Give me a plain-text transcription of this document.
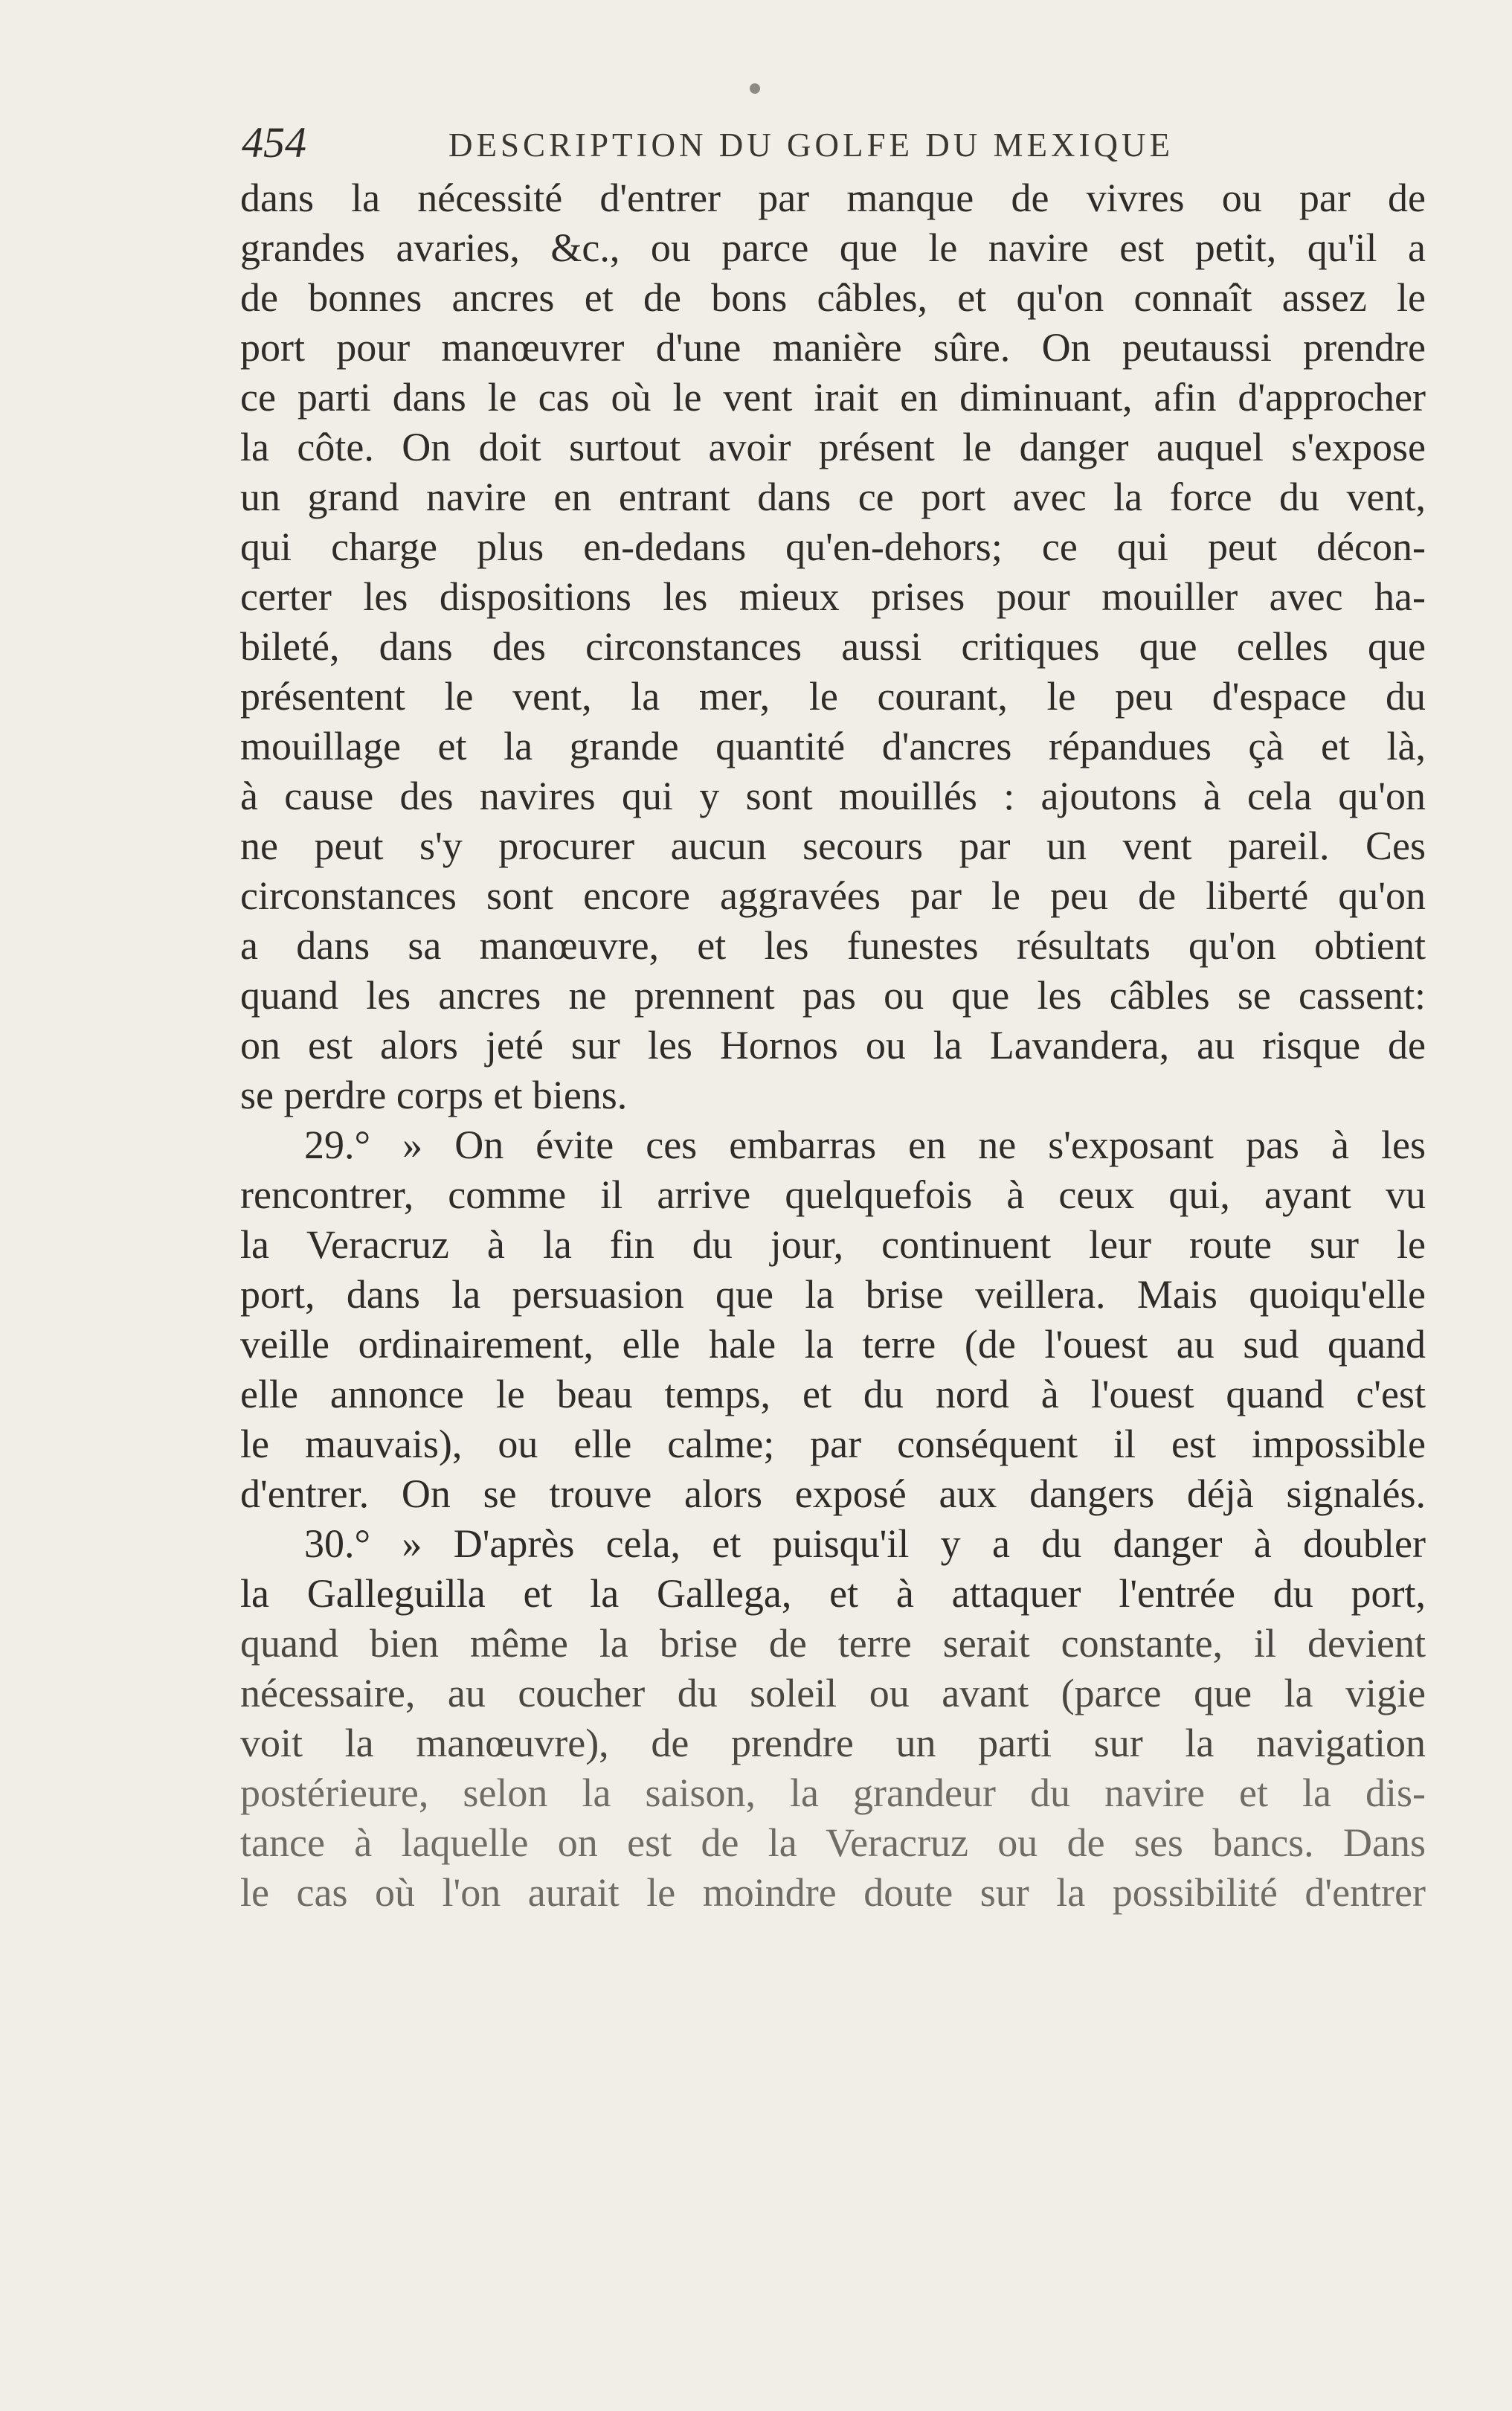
454	DESCRIPTION DU GOLFE DU MEXIQUE
dans la nécessité d'entrer par manque de vivres ou par de
grandes avaries, &c., ou parce que le navire est petit, qu'il a
de bonnes ancres et de bons câbles, et qu'on connaît assez le
port pour manœuvrer d'une manière sûre. On peutaussi prendre
ce parti dans le cas où le vent irait en diminuant, afin d'approcher
la côte. On doit surtout avoir présent le danger auquel s'expose
un grand navire en entrant dans ce port avec la force du vent,
qui charge plus en-dedans qu'en-dehors; ce qui peut décon-
certer les dispositions les mieux prises pour mouiller avec ha-
bileté, dans des circonstances aussi critiques que celles que
présentent le vent, la mer, le courant, le peu d'espace du
mouillage et la grande quantité d'ancres répandues çà et là,
à cause des navires qui y sont mouillés : ajoutons à cela qu'on
ne peut s'y procurer aucun secours par un vent pareil. Ces
circonstances sont encore aggravées par le peu de liberté qu'on
a dans sa manœuvre, et les funestes résultats qu'on obtient
quand les ancres ne prennent pas ou que les câbles se cassent:
on est alors jeté sur les Hornos ou la Lavandera, au risque de
se perdre corps et biens.
29.° » On évite ces embarras en ne s'exposant pas à les
rencontrer, comme il arrive quelquefois à ceux qui, ayant vu
la Veracruz à la fin du jour, continuent leur route sur le
port, dans la persuasion que la brise veillera. Mais quoiqu'elle
veille ordinairement, elle hale la terre (de l'ouest au sud quand
elle annonce le beau temps, et du nord à l'ouest quand c'est
le mauvais), ou elle calme; par conséquent il est impossible
d'entrer. On se trouve alors exposé aux dangers déjà signalés.
30.° » D'après cela, et puisqu'il y a du danger à doubler
la Galleguilla et la Gallega, et à attaquer l'entrée du port,
quand bien même la brise de terre serait constante, il devient
nécessaire, au coucher du soleil ou avant (parce que la vigie
voit la manœuvre), de prendre un parti sur la navigation
postérieure, selon la saison, la grandeur du navire et la dis-
tance à laquelle on est de la Veracruz ou de ses bancs. Dans
le cas où l'on aurait le moindre doute sur la possibilité d'entrer
